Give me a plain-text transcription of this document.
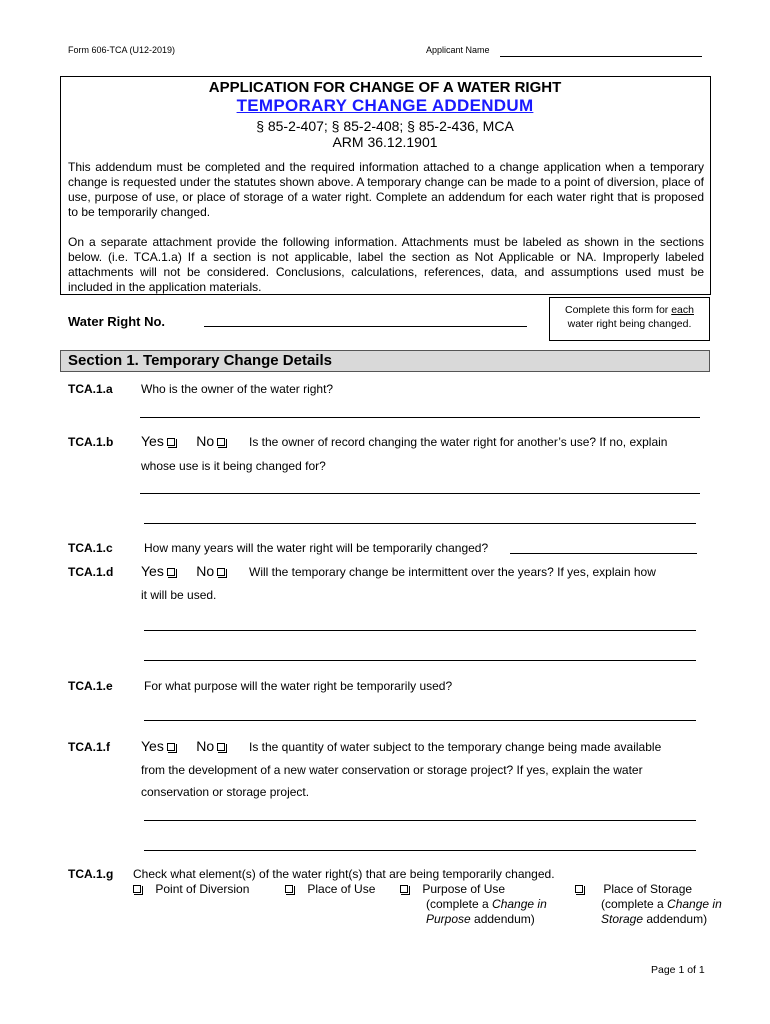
Form 606-TCA (U12-2019)	Applicant Name
APPLICATION FOR CHANGE OF A WATER RIGHT
TEMPORARY CHANGE ADDENDUM
§ 85-2-407; § 85-2-408; § 85-2-436, MCA
ARM 36.12.1901
This addendum must be completed and the required information attached to a change application when a temporary change is requested under the statutes shown above. A temporary change can be made to a point of diversion, place of use, purpose of use, or place of storage of a water right. Complete an addendum for each water right that is proposed to be temporarily changed.
On a separate attachment provide the following information. Attachments must be labeled as shown in the sections below. (i.e. TCA.1.a) If a section is not applicable, label the section as Not Applicable or NA. Improperly labeled attachments will not be considered. Conclusions, calculations, references, data, and assumptions used must be included in the application materials.
Water Right No.
Complete this form for each
water right being changed.
Section 1. Temporary Change Details
TCA.1.a Who is the owner of the water right?
TCA.1.b Yes No	Is the owner of record changing the water right for another’s use? If no, explain
whose use is it being changed for?
TCA.1.c	How many years will the water right will be temporarily changed?
TCA.1.d Yes No	Will the temporary change be intermittent over the years? If yes, explain how
it will be used.
TCA.1.e	For what purpose will the water right be temporarily used?
TCA.1.f Yes No	Is the quantity of water subject to the temporary change being made available
from the development of a new water conservation or storage project? If yes, explain the water
conservation or storage project.
TCA.1.g Check what element(s) of the water right(s) that are being temporarily changed.
Point of Diversion	Place of Use	Purpose of Use
(complete a Change in
Purpose addendum)
Place of Storage
(complete a Change in
Storage addendum)
Page 1 of 1
